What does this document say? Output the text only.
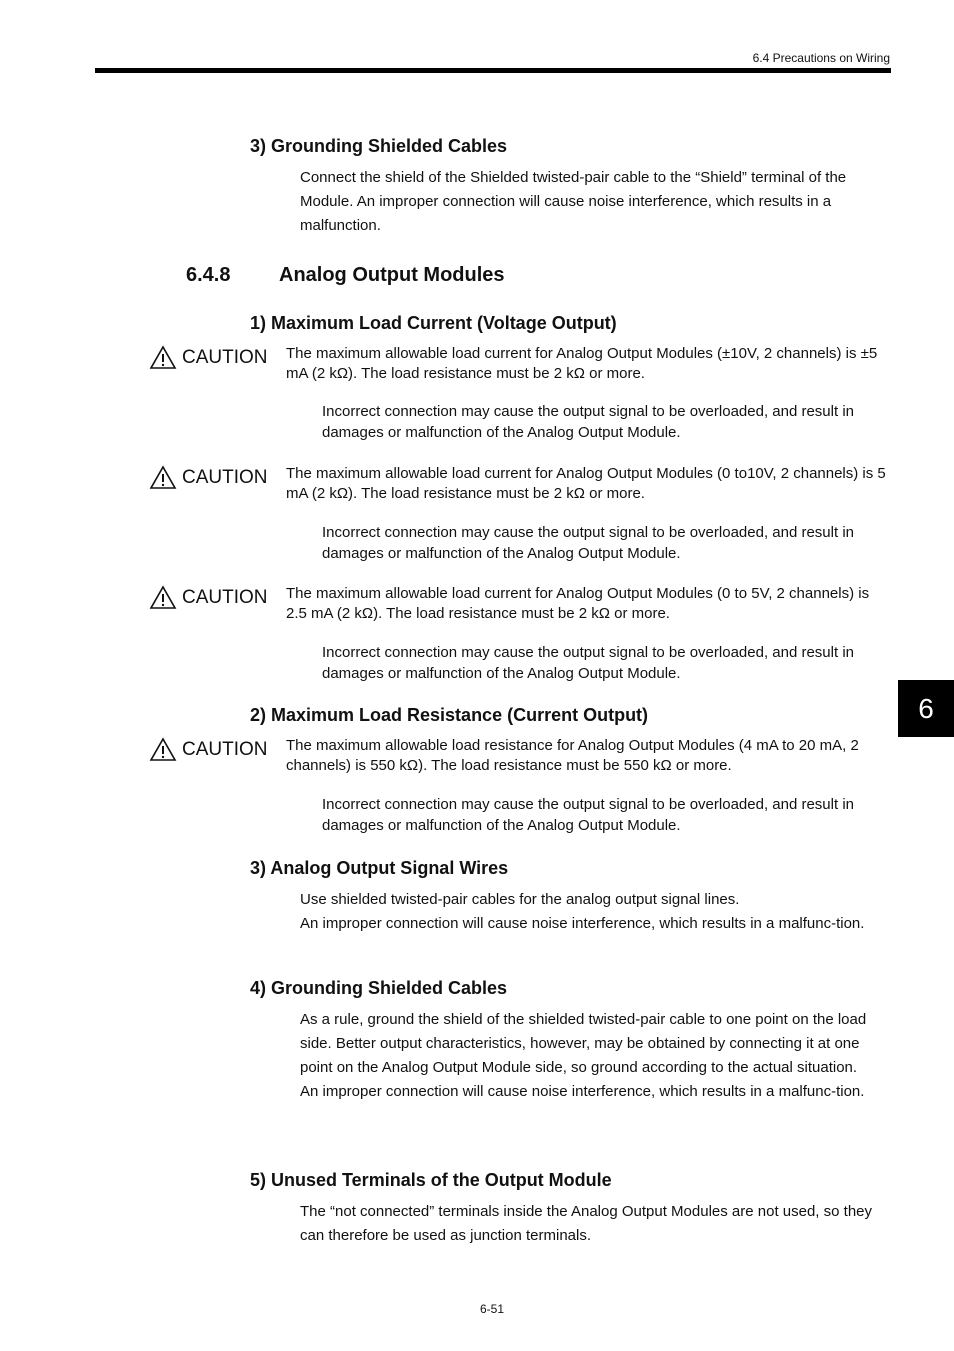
6.4 Precautions on Wiring
3) Grounding Shielded Cables

Connect the shield of the Shielded twisted-pair cable to the “Shield” terminal of the Module. An improper connection will cause noise interference, which results in a malfunction.

6.4.8 Analog Output Modules
1) Maximum Load Current (Voltage Output)
CAUTION The maximum allowable load current for Analog Output Modules (±10V, 2 channels) is ±5 mA (2 kΩ). The load resistance must be 2 kΩ or more.
Incorrect connection may cause the output signal to be overloaded, and result in damages or malfunction of the Analog Output Module.
CAUTION The maximum allowable load current for Analog Output Modules (0 to10V, 2 channels) is 5 mA (2 kΩ). The load resistance must be 2 kΩ or more.
Incorrect connection may cause the output signal to be overloaded, and result in damages or malfunction of the Analog Output Module.
CAUTION The maximum allowable load current for Analog Output Modules (0 to 5V, 2 channels) is 2.5 mA (2 kΩ). The load resistance must be 2 kΩ or more.
Incorrect connection may cause the output signal to be overloaded, and result in damages or malfunction of the Analog Output Module.
2) Maximum Load Resistance (Current Output)
CAUTION The maximum allowable load resistance for Analog Output Modules (4 mA to 20 mA, 2 channels) is 550 kΩ). The load resistance must be 550 kΩ or more.
Incorrect connection may cause the output signal to be overloaded, and result in damages or malfunction of the Analog Output Module.
3) Analog Output Signal Wires

Use shielded twisted-pair cables for the analog output signal lines.

An improper connection will cause noise interference, which results in a malfunc-tion.

4) Grounding Shielded Cables

As a rule, ground the shield of the shielded twisted-pair cable to one point on the load side. Better output characteristics, however, may be obtained by connecting it at one point on the Analog Output Module side, so ground according to the actual situation.

An improper connection will cause noise interference, which results in a malfunc-tion.

5) Unused Terminals of the Output Module

The “not connected” terminals inside the Analog Output Modules are not used, so they can therefore be used as junction terminals.

6
6-51
